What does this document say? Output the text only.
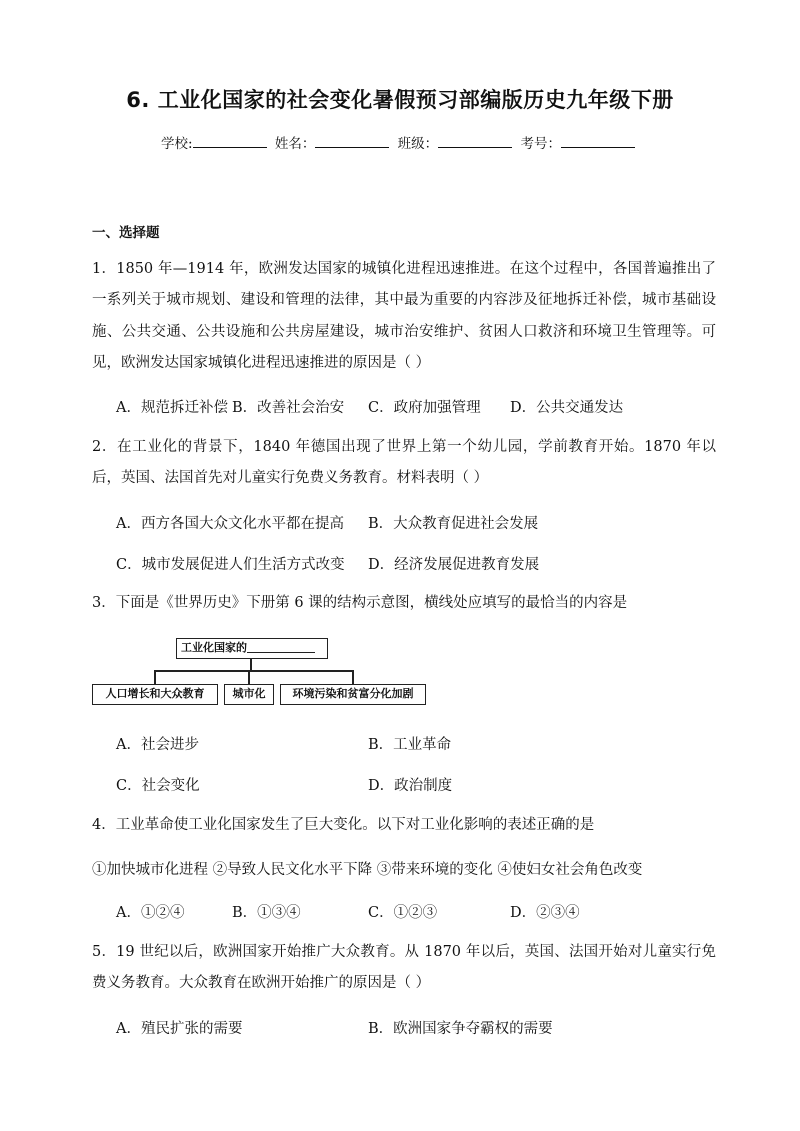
6. 工业化国家的社会变化暑假预习部编版历史九年级下册
学校:	姓名：	班级：	考号：
一、选择题
1．1850 年—1914 年，欧洲发达国家的城镇化进程迅速推进。在这个过程中，各国普遍推出了一系列关于城市规划、建设和管理的法律，其中最为重要的内容涉及征地拆迁补偿，城市基础设施、公共交通、公共设施和公共房屋建设，城市治安维护、贫困人口救济和环境卫生管理等。可见，欧洲发达国家城镇化进程迅速推进的原因是（ ）
A．规范拆迁补偿 B．改善社会治安 C．政府加强管理 D．公共交通发达
2．在工业化的背景下，1840 年德国出现了世界上第一个幼儿园，学前教育开始。1870 年以后，英国、法国首先对儿童实行免费义务教育。材料表明（ ）
A．西方各国大众文化水平都在提高 B．大众教育促进社会发展
C．城市发展促进人们生活方式改变 D．经济发展促进教育发展
3．下面是《世界历史》下册第 6 课的结构示意图，横线处应填写的最恰当的内容是
工业化国家的
人口增长和大众教育	城市化	环境污染和贫富分化加剧
A．社会进步	B．工业革命
C．社会变化	D．政治制度
4．工业革命使工业化国家发生了巨大变化。以下对工业化影响的表述正确的是
①加快城市化进程 ②导致人民文化水平下降 ③带来环境的变化 ④使妇女社会角色改变
A．①②④	B．①③④	C．①②③	D．②③④
5．19 世纪以后，欧洲国家开始推广大众教育。从 1870 年以后，英国、法国开始对儿童实行免费义务教育。大众教育在欧洲开始推广的原因是（ ）
A．殖民扩张的需要	B．欧洲国家争夺霸权的需要
